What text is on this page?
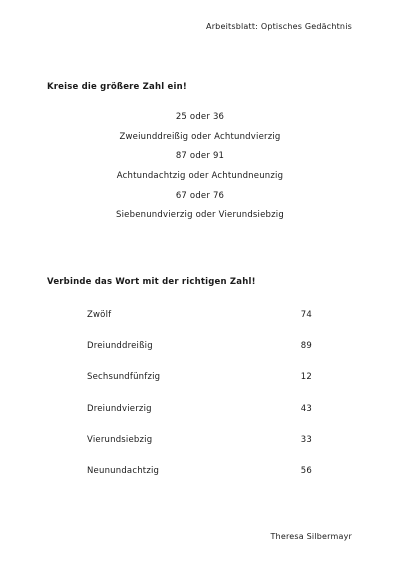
Arbeitsblatt: Optisches Gedächtnis
Kreise die größere Zahl ein!
25 oder 36
Zweiunddreißig oder Achtundvierzig
87 oder 91
Achtundachtzig oder Achtundneunzig
67 oder 76
Siebenundvierzig oder Vierundsiebzig
Verbinde das Wort mit der richtigen Zahl!
Zwölf	74
Dreiunddreißig	89
Sechsundfünfzig	12
Dreiundvierzig	43
Vierundsiebzig	33
Neunundachtzig	56
Theresa Silbermayr
